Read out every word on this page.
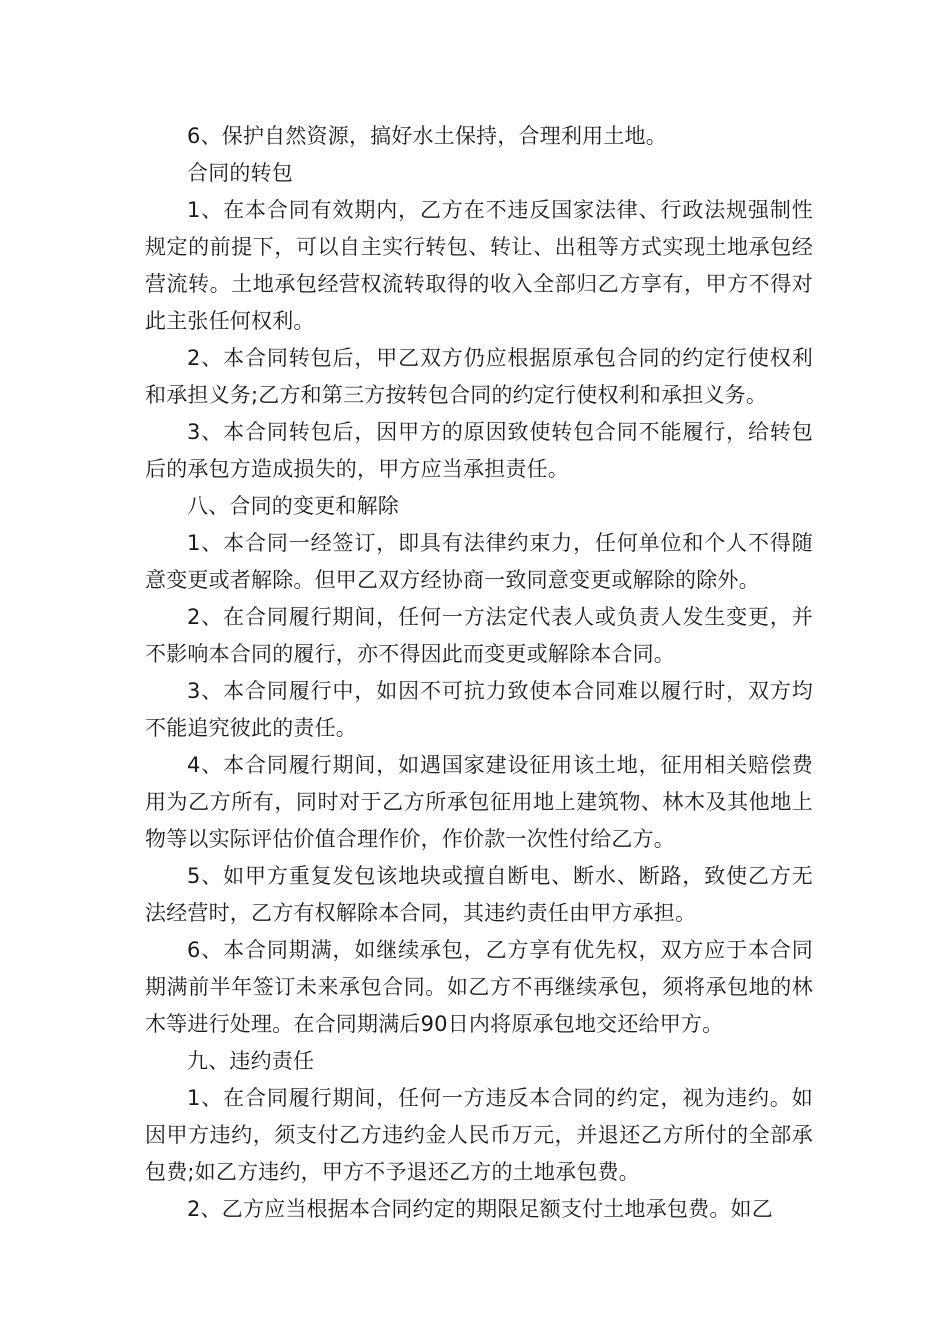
6、保护自然资源，搞好水土保持，合理利用土地。

合同的转包

1、在本合同有效期内，乙方在不违反国家法律、行政法规强制性规定的前提下，可以自主实行转包、转让、出租等方式实现土地承包经营流转。土地承包经营权流转取得的收入全部归乙方享有，甲方不得对此主张任何权利。

2、本合同转包后，甲乙双方仍应根据原承包合同的约定行使权利和承担义务;乙方和第三方按转包合同的约定行使权利和承担义务。

3、本合同转包后，因甲方的原因致使转包合同不能履行，给转包后的承包方造成损失的，甲方应当承担责任。

八、合同的变更和解除

1、本合同一经签订，即具有法律约束力，任何单位和个人不得随意变更或者解除。但甲乙双方经协商一致同意变更或解除的除外。

2、在合同履行期间，任何一方法定代表人或负责人发生变更，并不影响本合同的履行，亦不得因此而变更或解除本合同。

3、本合同履行中，如因不可抗力致使本合同难以履行时，双方均不能追究彼此的责任。

4、本合同履行期间，如遇国家建设征用该土地，征用相关赔偿费用为乙方所有，同时对于乙方所承包征用地上建筑物、林木及其他地上物等以实际评估价值合理作价，作价款一次性付给乙方。

5、如甲方重复发包该地块或擅自断电、断水、断路，致使乙方无法经营时，乙方有权解除本合同，其违约责任由甲方承担。

6、本合同期满，如继续承包，乙方享有优先权，双方应于本合同期满前半年签订未来承包合同。如乙方不再继续承包，须将承包地的林木等进行处理。在合同期满后90日内将原承包地交还给甲方。

九、违约责任

1、在合同履行期间，任何一方违反本合同的约定，视为违约。如因甲方违约，须支付乙方违约金人民币万元，并退还乙方所付的全部承包费;如乙方违约，甲方不予退还乙方的土地承包费。

2、乙方应当根据本合同约定的期限足额支付土地承包费。如乙
